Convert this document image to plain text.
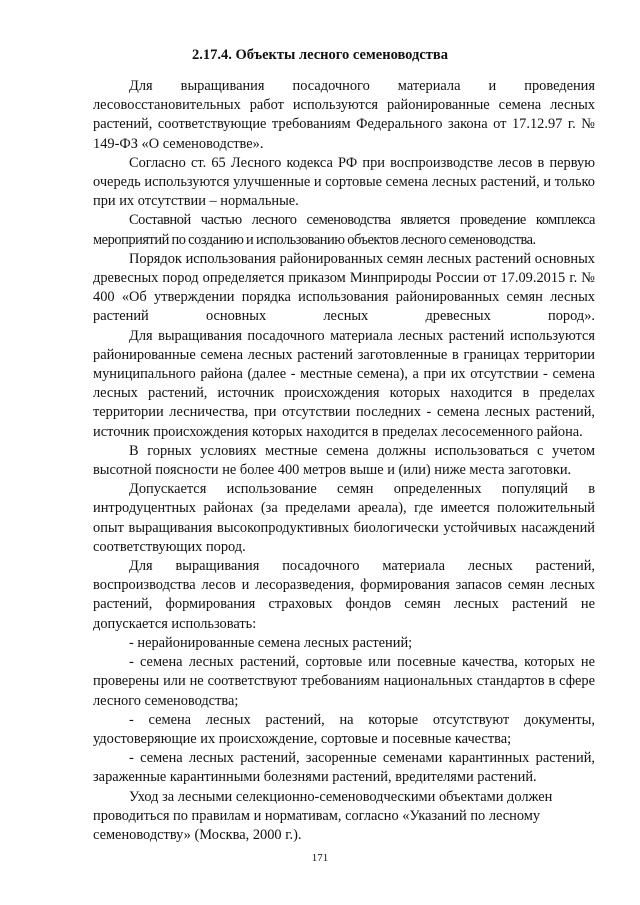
2.17.4. Объекты лесного семеноводства

Для выращивания посадочного материала и проведения лесовосстановительных работ используются районированные семена лесных растений, соответствующие требованиям Федерального закона от 17.12.97 г. № 149-ФЗ «О семеноводстве».

Согласно ст. 65 Лесного кодекса РФ при воспроизводстве лесов в первую очередь используются улучшенные и сортовые семена лесных растений, и только при их отсутствии – нормальные.

Составной частью лесного семеноводства является проведение комплекса мероприятий по созданию и использованию объектов лесного семеноводства.

Порядок использования районированных семян лесных растений основных древесных пород определяется приказом Минприроды России от 17.09.2015 г. № 400 «Об утверждении порядка использования районированных семян лесных растений основных лесных древесных пород».

Для выращивания посадочного материала лесных растений используются районированные семена лесных растений заготовленные в границах территории муниципального района (далее - местные семена), а при их отсутствии - семена лесных растений, источник происхождения которых находится в пределах территории лесничества, при отсутствии последних - семена лесных растений, источник происхождения которых находится в пределах лесосеменного района.

В горных условиях местные семена должны использоваться с учетом высотной поясности не более 400 метров выше и (или) ниже места заготовки.

Допускается использование семян определенных популяций в интродуцентных районах (за пределами ареала), где имеется положительный опыт выращивания высокопродуктивных биологически устойчивых насаждений соответствующих пород.

Для выращивания посадочного материала лесных растений, воспроизводства лесов и лесоразведения, формирования запасов семян лесных растений, формирования страховых фондов семян лесных растений не допускается использовать:

- нерайонированные семена лесных растений;

- семена лесных растений, сортовые или посевные качества, которых не проверены или не соответствуют требованиям национальных стандартов в сфере лесного семеноводства;

- семена лесных растений, на которые отсутствуют документы, удостоверяющие их происхождение, сортовые и посевные качества;

- семена лесных растений, засоренные семенами карантинных растений, зараженные карантинными болезнями растений, вредителями растений.

Уход за лесными селекционно-семеноводческими объектами должен проводиться по правилам и нормативам, согласно «Указаний по лесному семеноводству» (Москва, 2000 г.).

171
